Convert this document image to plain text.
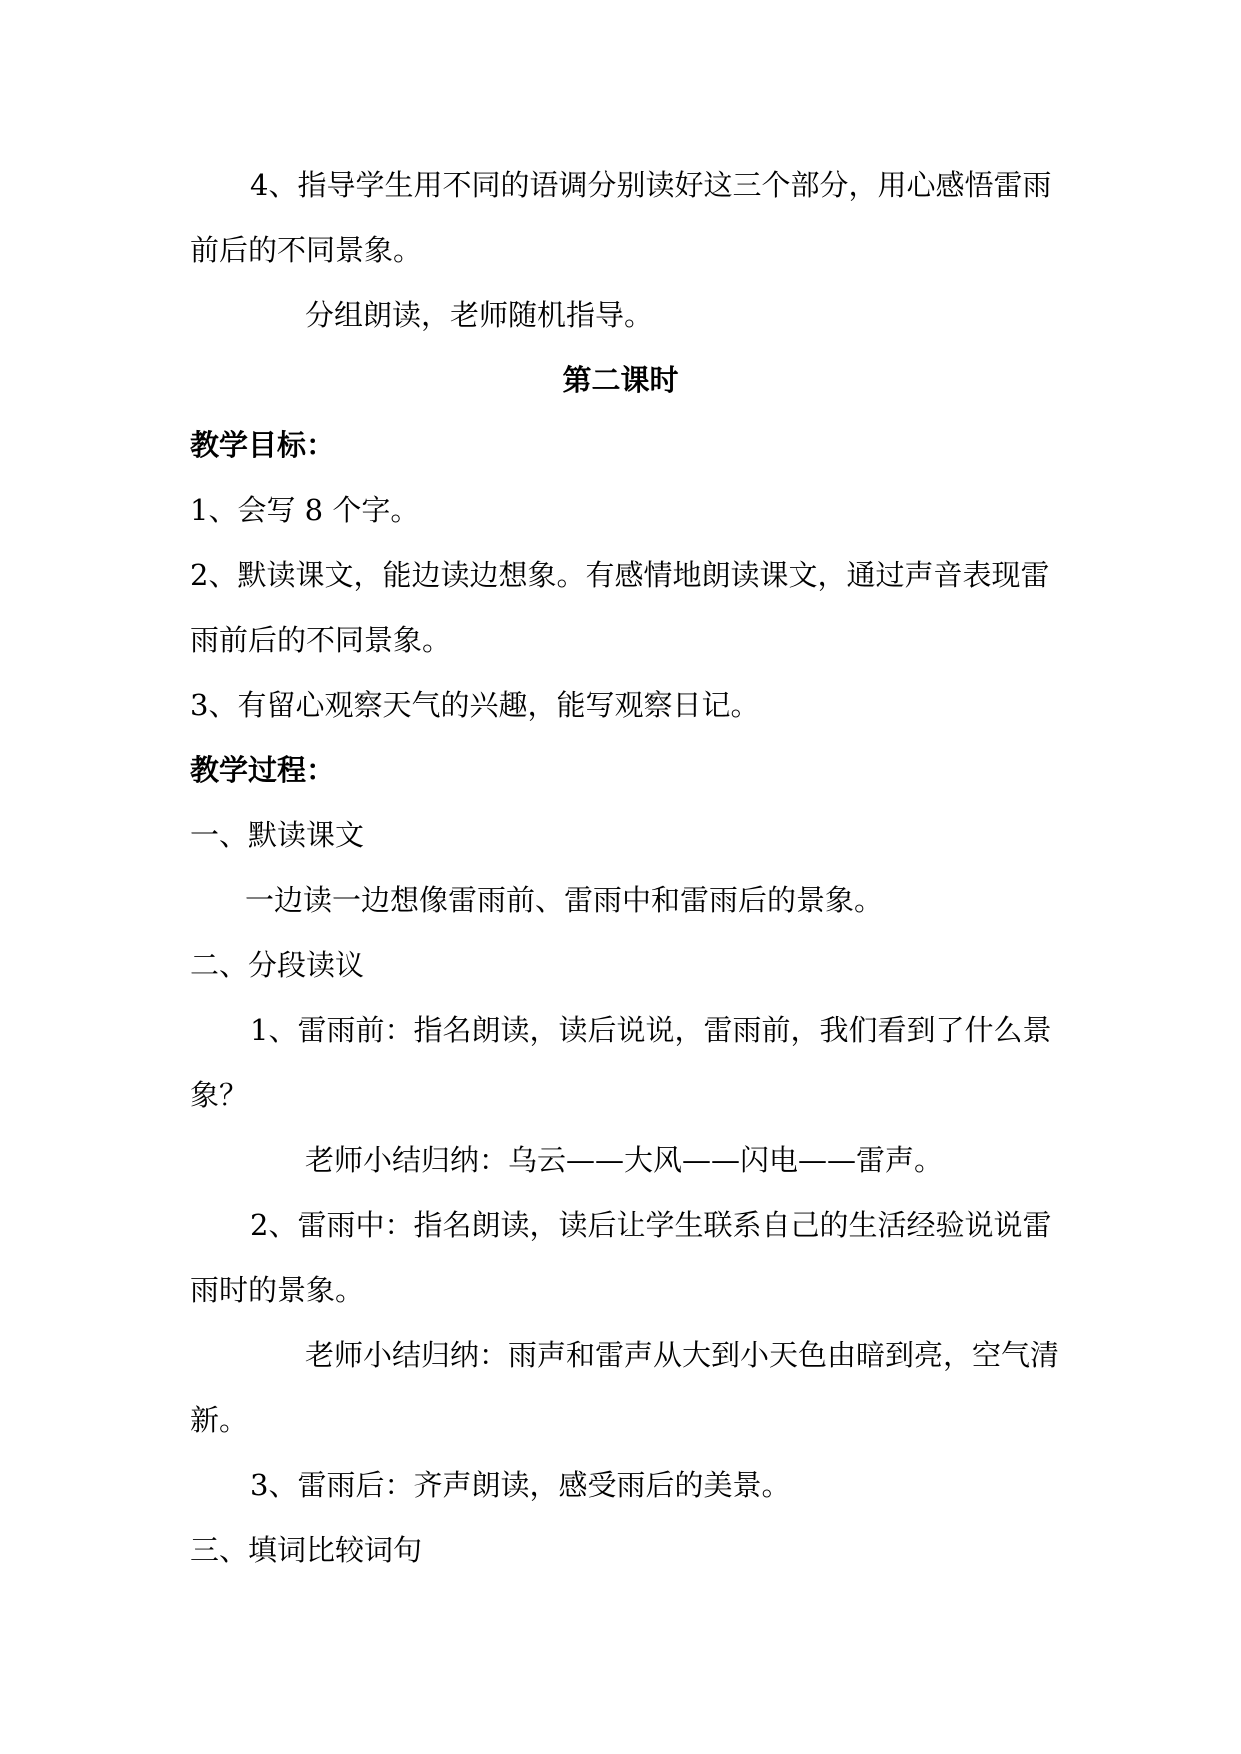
4、指导学生用不同的语调分别读好这三个部分，用心感悟雷雨
前后的不同景象。
分组朗读，老师随机指导。
第二课时
教学目标：
1、会写 8 个字。
2、默读课文，能边读边想象。有感情地朗读课文，通过声音表现雷
雨前后的不同景象。
3、有留心观察天气的兴趣，能写观察日记。
教学过程：
一、默读课文
一边读一边想像雷雨前、雷雨中和雷雨后的景象。
二、分段读议
1、雷雨前：指名朗读，读后说说，雷雨前，我们看到了什么景
象？
老师小结归纳：乌云——大风——闪电——雷声。
2、雷雨中：指名朗读，读后让学生联系自己的生活经验说说雷
雨时的景象。
老师小结归纳：雨声和雷声从大到小天色由暗到亮，空气清
新。
3、雷雨后：齐声朗读，感受雨后的美景。
三、填词比较词句
